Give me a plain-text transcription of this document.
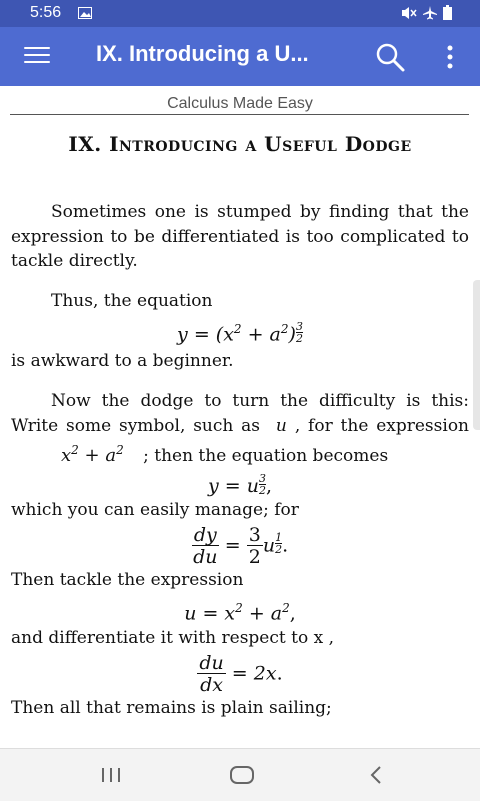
5:56
IX. Introducing a U...
Calculus Made Easy
IX. Introducing a Useful Dodge

Sometimes one is stumped by finding that the expression to be differentiated is too complicated to tackle directly.

Thus, the equation

$y = (x^2 + a^2) \frac{3}{2}$

is awkward to a beginner.

Now the dodge to turn the difficulty is this: Write some symbol, such as u , for the expression $x^2 + a^2$ ; then the equation becomes

y = u $\frac{3}{2}$ ,

which you can easily manage; for

$\frac{dy}{du} = \frac{3}{2}$ u $\frac{1}{2}$ .

Then tackle the expression

$u = x^2 + a^2$,

and differentiate it with respect to x ,

$\frac{du}{dx} = 2x$.

Then all that remains is plain sailing;
